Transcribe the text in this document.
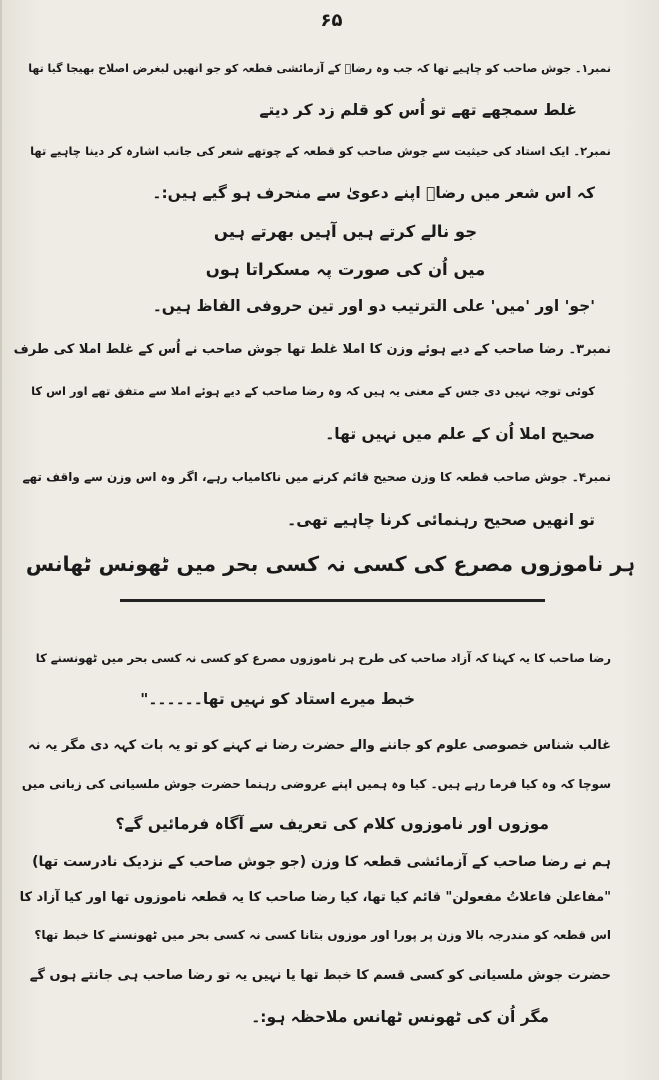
۶۵
نمبر۱۔ جوش صاحب کو چاہیے تھا کہ جب وہ رضاؔ کے آزمائشی قطعہ کو جو انھیں لبغرض اصلاح بھیجا گیا تھا
غلط سمجھے تھے تو اُس کو قلم زد کر دیتے
نمبر۲۔ ایک استاد کی حیثیت سے جوش صاحب کو قطعہ کے چوتھے شعر کی جانب اشارہ کر دینا چاہیے تھا
کہ اس شعر میں رضاؔ اپنے دعویٰ سے منحرف ہو گیے ہیں:۔
جو نالے کرتے ہیں آہیں بھرتے ہیں
میں اُن کی صورت پہ مسکراتا ہوں
'جو' اور 'میں' علی الترتیب دو اور تین حروفی الفاظ ہیں۔
نمبر۳۔ رضا صاحب کے دیے ہوئے وزن کا املا غلط تھا جوش صاحب نے اُس کے غلط املا کی طرف
کوئی توجہ نہیں دی جس کے معنی یہ ہیں کہ وہ رضا صاحب کے دیے ہوئے املا سے متفق تھے اور اس کا
صحیح املا اُن کے علم میں نہیں تھا۔
نمبر۴۔ جوش صاحب قطعہ کا وزن صحیح قائم کرنے میں ناکامیاب رہے، اگر وہ اس وزن سے واقف تھے
تو انھیں صحیح رہنمائی کرنا چاہیے تھی۔
ہر ناموزوں مصرع کی کسی نہ کسی بحر میں ٹھونس ٹھانس
رضا صاحب کا یہ کہنا کہ آزاد صاحب کی طرح ہر ناموزوں مصرع کو کسی نہ کسی بحر میں ٹھونسنے کا
خبط میرے استاد کو نہیں تھا۔۔۔۔۔۔"
غالب شناس خصوصی علوم کو جاننے والے حضرت رضا نے کہنے کو تو یہ بات کہہ دی مگر یہ نہ
سوچا کہ وہ کیا فرما رہے ہیں۔ کیا وہ ہمیں اپنے عروضی رہنما حضرت جوش ملسیانی کی زبانی میں
موزوں اور ناموزوں کلام کی تعریف سے آگاہ فرمائیں گے؟
ہم نے رضا صاحب کے آزمائشی قطعہ کا وزن (جو جوش صاحب کے نزدیک نادرست تھا)
"مفاعلن فاعلاتُ مفعولن" قائم کیا تھا، کیا رضا صاحب کا یہ قطعہ ناموزوں تھا اور کیا آزاد کا
اس قطعہ کو مندرجہ بالا وزن پر پورا اور موزوں بتانا کسی نہ کسی بحر میں ٹھونسنے کا خبط تھا؟
حضرت جوش ملسیانی کو کسی قسم کا خبط تھا یا نہیں یہ تو رضا صاحب ہی جانتے ہوں گے
مگر اُن کی ٹھونس ٹھانس ملاحظہ ہو:۔
